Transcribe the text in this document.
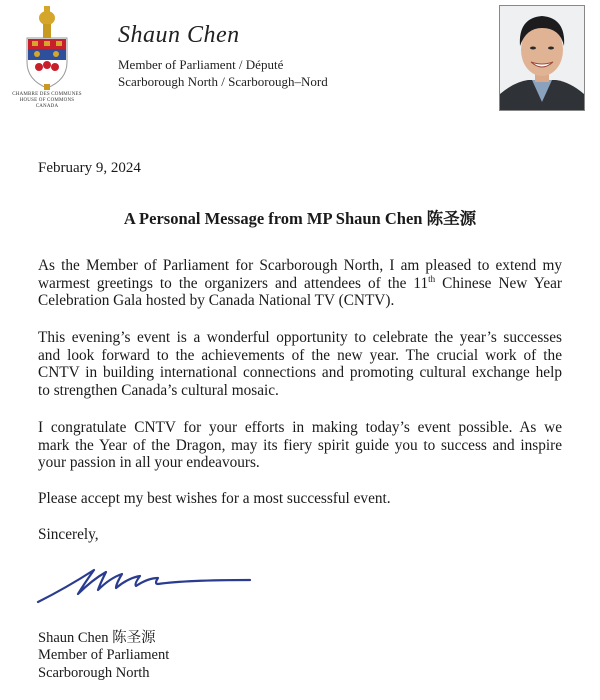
CHAMBRE DES COMMUNES
HOUSE OF COMMONS
CANADA
Shaun Chen
Member of Parliament / Député
Scarborough North / Scarborough–Nord
February 9, 2024
A Personal Message from MP Shaun Chen 陈圣源
As the Member of Parliament for Scarborough North, I am pleased to extend my
warmest greetings to the organizers and attendees of the 11th Chinese New Year
Celebration Gala hosted by Canada National TV (CNTV).
This evening’s event is a wonderful opportunity to celebrate the year’s successes
and look forward to the achievements of the new year. The crucial work of the
CNTV in building international connections and promoting cultural exchange help
to strengthen Canada’s cultural mosaic.
I congratulate CNTV for your efforts in making today’s event possible. As we
mark the Year of the Dragon, may its fiery spirit guide you to success and inspire
your passion in all your endeavours.
Please accept my best wishes for a most successful event.
Sincerely,
Shaun Chen 陈圣源
Member of Parliament
Scarborough North
